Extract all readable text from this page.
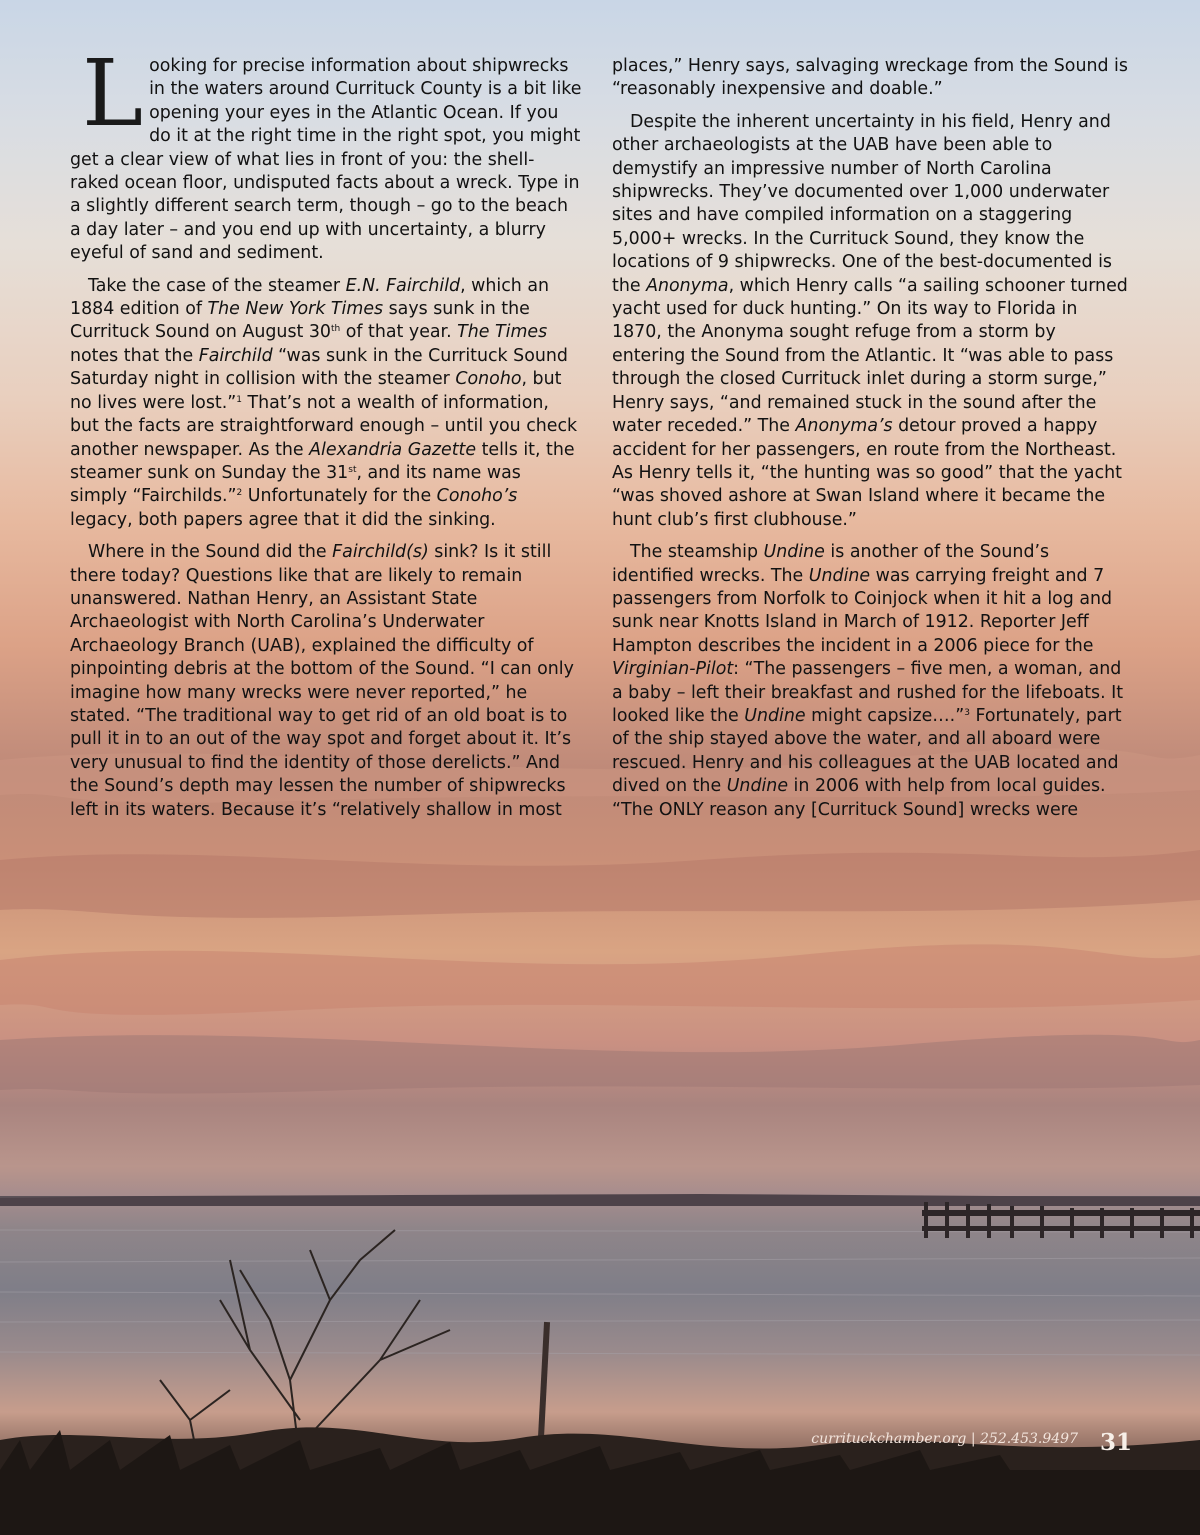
Looking for precise information about shipwrecks in the waters around Currituck County is a bit like opening your eyes in the Atlantic Ocean. If you do it at the right time in the right spot, you might get a clear view of what lies in front of you: the shell-raked ocean floor, undisputed facts about a wreck. Type in a slightly different search term, though – go to the beach a day later – and you end up with uncertainty, a blurry eyeful of sand and sediment.

Take the case of the steamer E.N. Fairchild, which an 1884 edition of The New York Times says sunk in the Currituck Sound on August 30th of that year. The Times notes that the Fairchild “was sunk in the Currituck Sound Saturday night in collision with the steamer Conoho, but no lives were lost.”$^1$ That’s not a wealth of information, but the facts are straightforward enough – until you check another newspaper. As the Alexandria Gazette tells it, the steamer sunk on Sunday the 31st, and its name was simply “Fairchilds.”$^2$ Unfortunately for the Conoho’s legacy, both papers agree that it did the sinking.

Where in the Sound did the Fairchild(s) sink? Is it still there today? Questions like that are likely to remain unanswered. Nathan Henry, an Assistant State Archaeologist with North Carolina’s Underwater Archaeology Branch (UAB), explained the difficulty of pinpointing debris at the bottom of the Sound. “I can only imagine how many wrecks were never reported,” he stated. “The traditional way to get rid of an old boat is to pull it in to an out of the way spot and forget about it. It’s very unusual to find the identity of those derelicts.” And the Sound’s depth may lessen the number of shipwrecks left in its waters. Because it’s “relatively shallow in most

places,” Henry says, salvaging wreckage from the Sound is “reasonably inexpensive and doable.”

Despite the inherent uncertainty in his field, Henry and other archaeologists at the UAB have been able to demystify an impressive number of North Carolina shipwrecks. They’ve documented over 1,000 underwater sites and have compiled information on a staggering 5,000+ wrecks. In the Currituck Sound, they know the locations of 9 shipwrecks. One of the best-documented is the Anonyma, which Henry calls “a sailing schooner turned yacht used for duck hunting.” On its way to Florida in 1870, the Anonyma sought refuge from a storm by entering the Sound from the Atlantic. It “was able to pass through the closed Currituck inlet during a storm surge,” Henry says, “and remained stuck in the sound after the water receded.” The Anonyma’s detour proved a happy accident for her passengers, en route from the Northeast. As Henry tells it, “the hunting was so good” that the yacht “was shoved ashore at Swan Island where it became the hunt club’s first clubhouse.”

The steamship Undine is another of the Sound’s identified wrecks. The Undine was carrying freight and 7 passengers from Norfolk to Coinjock when it hit a log and sunk near Knotts Island in March of 1912. Reporter Jeff Hampton describes the incident in a 2006 piece for the Virginian-Pilot: “The passengers – five men, a woman, and a baby – left their breakfast and rushed for the lifeboats. It looked like the Undine might capsize….”$^3$ Fortunately, part of the ship stayed above the water, and all aboard were rescued. Henry and his colleagues at the UAB located and dived on the Undine in 2006 with help from local guides. “The ONLY reason any [Currituck Sound] wrecks were

currituckchamber.org | 252.453.9497 31
